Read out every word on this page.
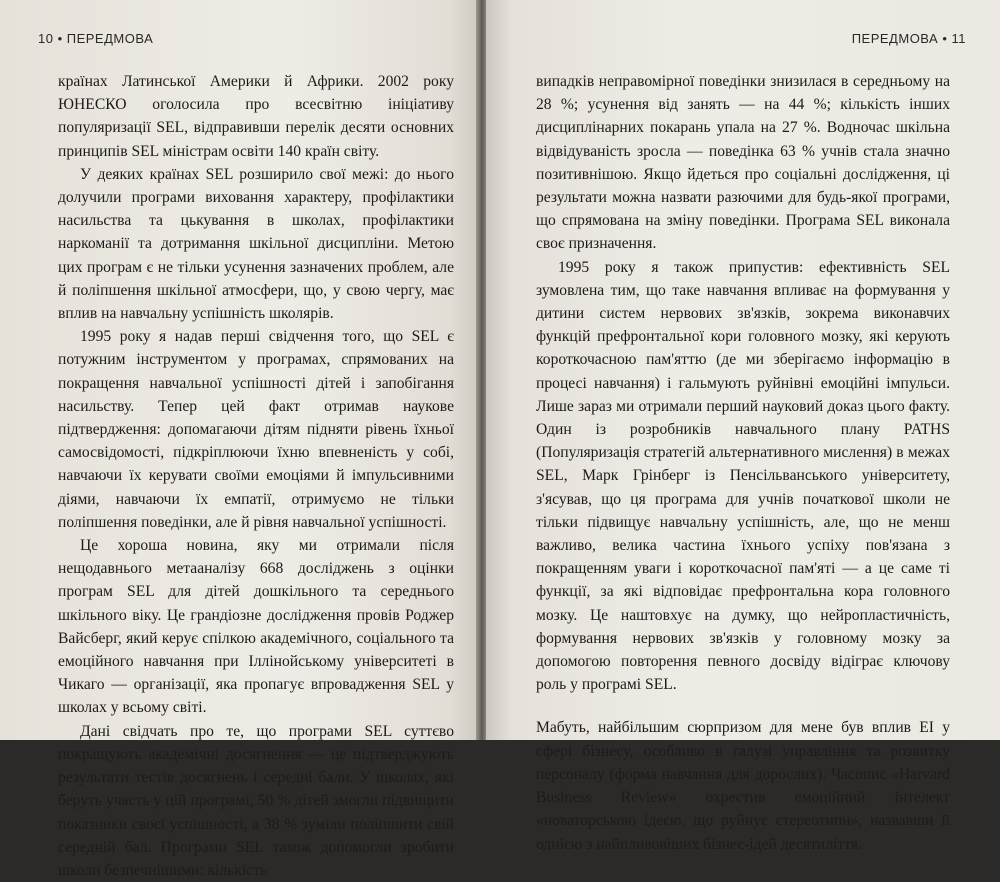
10 • ПЕРЕДМОВА

країнах Латинської Америки й Африки. 2002 року ЮНЕСКО оголосила про всесвітню ініціативу популяризації SEL, відправивши перелік десяти основних принципів SEL міністрам освіти 140 країн світу.

У деяких країнах SEL розширило свої межі: до нього долучили програми виховання характеру, профілактики насильства та цькування в школах, профілактики наркоманії та дотримання шкільної дисципліни. Метою цих програм є не тільки усунення зазначених проблем, але й поліпшення шкільної атмосфери, що, у свою чергу, має вплив на навчальну успішність школярів.

1995 року я надав перші свідчення того, що SEL є потужним інструментом у програмах, спрямованих на покращення навчальної успішності дітей і запобігання насильству. Тепер цей факт отримав наукове підтвердження: допомагаючи дітям підняти рівень їхньої самосвідомості, підкріплюючи їхню впевненість у собі, навчаючи їх керувати своїми емоціями й імпульсивними діями, навчаючи їх емпатії, отримуємо не тільки поліпшення поведінки, але й рівня навчальної успішності.

Це хороша новина, яку ми отримали після нещодавнього метааналізу 668 досліджень з оцінки програм SEL для дітей дошкільного та середнього шкільного віку. Це грандіозне дослідження провів Роджер Вайсберг, який керує спілкою академічного, соціального та емоційного навчання при Іллінойському університеті в Чикаго — організації, яка пропагує впровадження SEL у школах у всьому світі.

Дані свідчать про те, що програми SEL суттєво покращують академічні досягнення — це підтверджують результати тестів досягнень і середні бали. У школах, які беруть участь у цій програмі, 50 % дітей змогли підвищити показники своєї успішності, а 38 % зуміли поліпшити свій середній бал. Програми SEL також допомогли зробити школи безпечнішими: кількість

ПЕРЕДМОВА • 11

випадків неправомірної поведінки знизилася в середньому на 28 %; усунення від занять — на 44 %; кількість інших дисциплінарних покарань упала на 27 %. Водночас шкільна відвідуваність зросла — поведінка 63 % учнів стала значно позитивнішою. Якщо йдеться про соціальні дослідження, ці результати можна назвати разючими для будь-якої програми, що спрямована на зміну поведінки. Програма SEL виконала своє призначення.

1995 року я також припустив: ефективність SEL зумовлена тим, що таке навчання впливає на формування у дитини систем нервових зв'язків, зокрема виконавчих функцій префронтальної кори головного мозку, які керують короткочасною пам'яттю (де ми зберігаємо інформацію в процесі навчання) і гальмують руйнівні емоційні імпульси. Лише зараз ми отримали перший науковий доказ цього факту. Один із розробників навчального плану PATHS (Популяризація стратегій альтернативного мислення) в межах SEL, Марк Грінберг із Пенсільванського університету, з'ясував, що ця програма для учнів початкової школи не тільки підвищує навчальну успішність, але, що не менш важливо, велика частина їхнього успіху пов'язана з покращенням уваги і короткочасної пам'яті — а це саме ті функції, за які відповідає префронтальна кора головного мозку. Це наштовхує на думку, що нейропластичність, формування нервових зв'язків у головному мозку за допомогою повторення певного досвіду відіграє ключову роль у програмі SEL.

Мабуть, найбільшим сюрпризом для мене був вплив ЕІ у сфері бізнесу, особливо в галузі управління та розвитку персоналу (форма навчання для дорослих). Часопис «Harvard Business Review» охрестив емоційний інтелект «новаторською ідеєю, що руйнує стереотипи», назвавши її однією з найпливовіших бізнес-ідей десятиліття.
